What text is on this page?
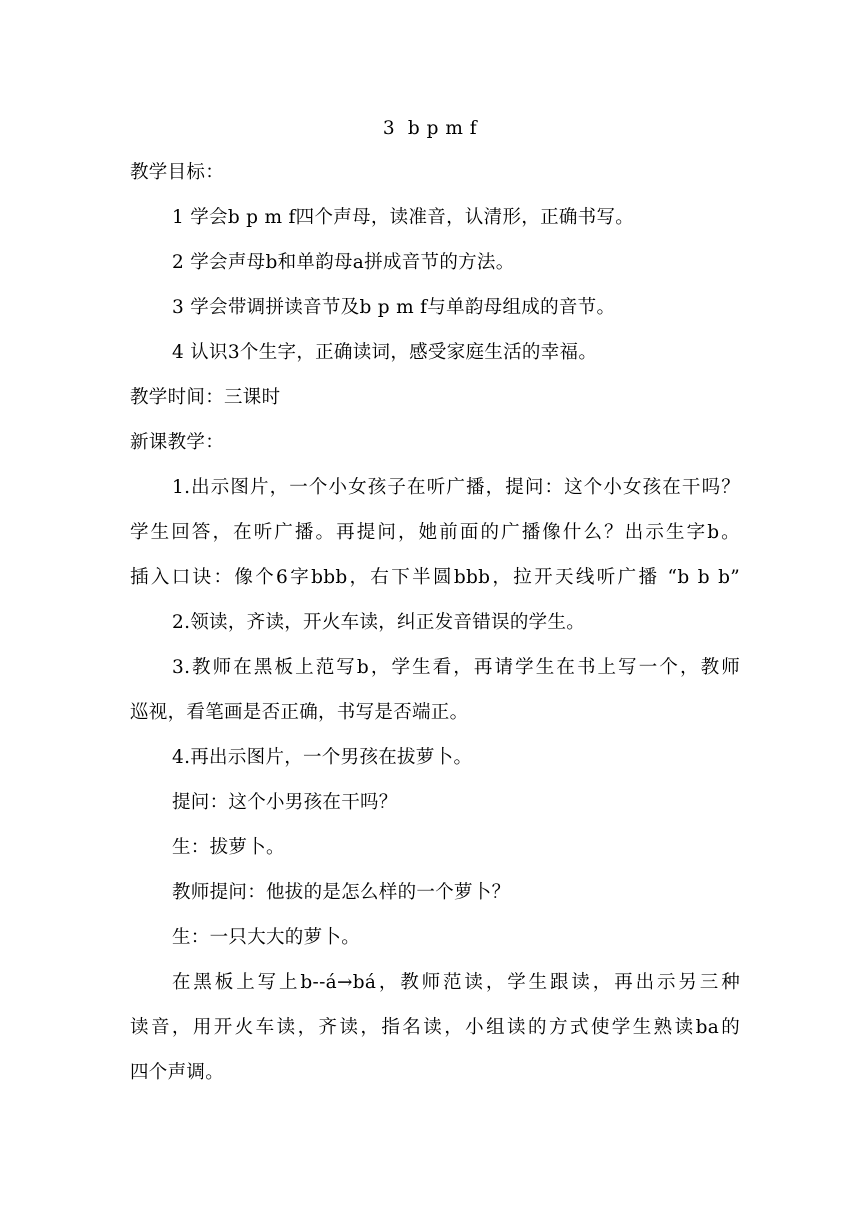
3  b p m f
教学目标：
1 学会b p m f四个声母，读准音，认清形，正确书写。
2 学会声母b和单韵母a拼成音节的方法。
3 学会带调拼读音节及b p m f与单韵母组成的音节。
4 认识3个生字，正确读词，感受家庭生活的幸福。
教学时间：三课时
新课教学：
1.出示图片，一个小女孩子在听广播，提问：这个小女孩在干吗？
学生回答，在听广播。再提问，她前面的广播像什么？出示生字b。
插入口诀：像个6字bbb，右下半圆bbb，拉开天线听广播 “b b b”
2.领读，齐读，开火车读，纠正发音错误的学生。
3.教师在黑板上范写b，学生看，再请学生在书上写一个，教师
巡视，看笔画是否正确，书写是否端正。
4.再出示图片，一个男孩在拔萝卜。
提问：这个小男孩在干吗？
生：拔萝卜。
教师提问：他拔的是怎么样的一个萝卜？
生：一只大大的萝卜。
在黑板上写上b--á→bá，教师范读，学生跟读，再出示另三种
读音，用开火车读，齐读，指名读，小组读的方式使学生熟读ba的
四个声调。
